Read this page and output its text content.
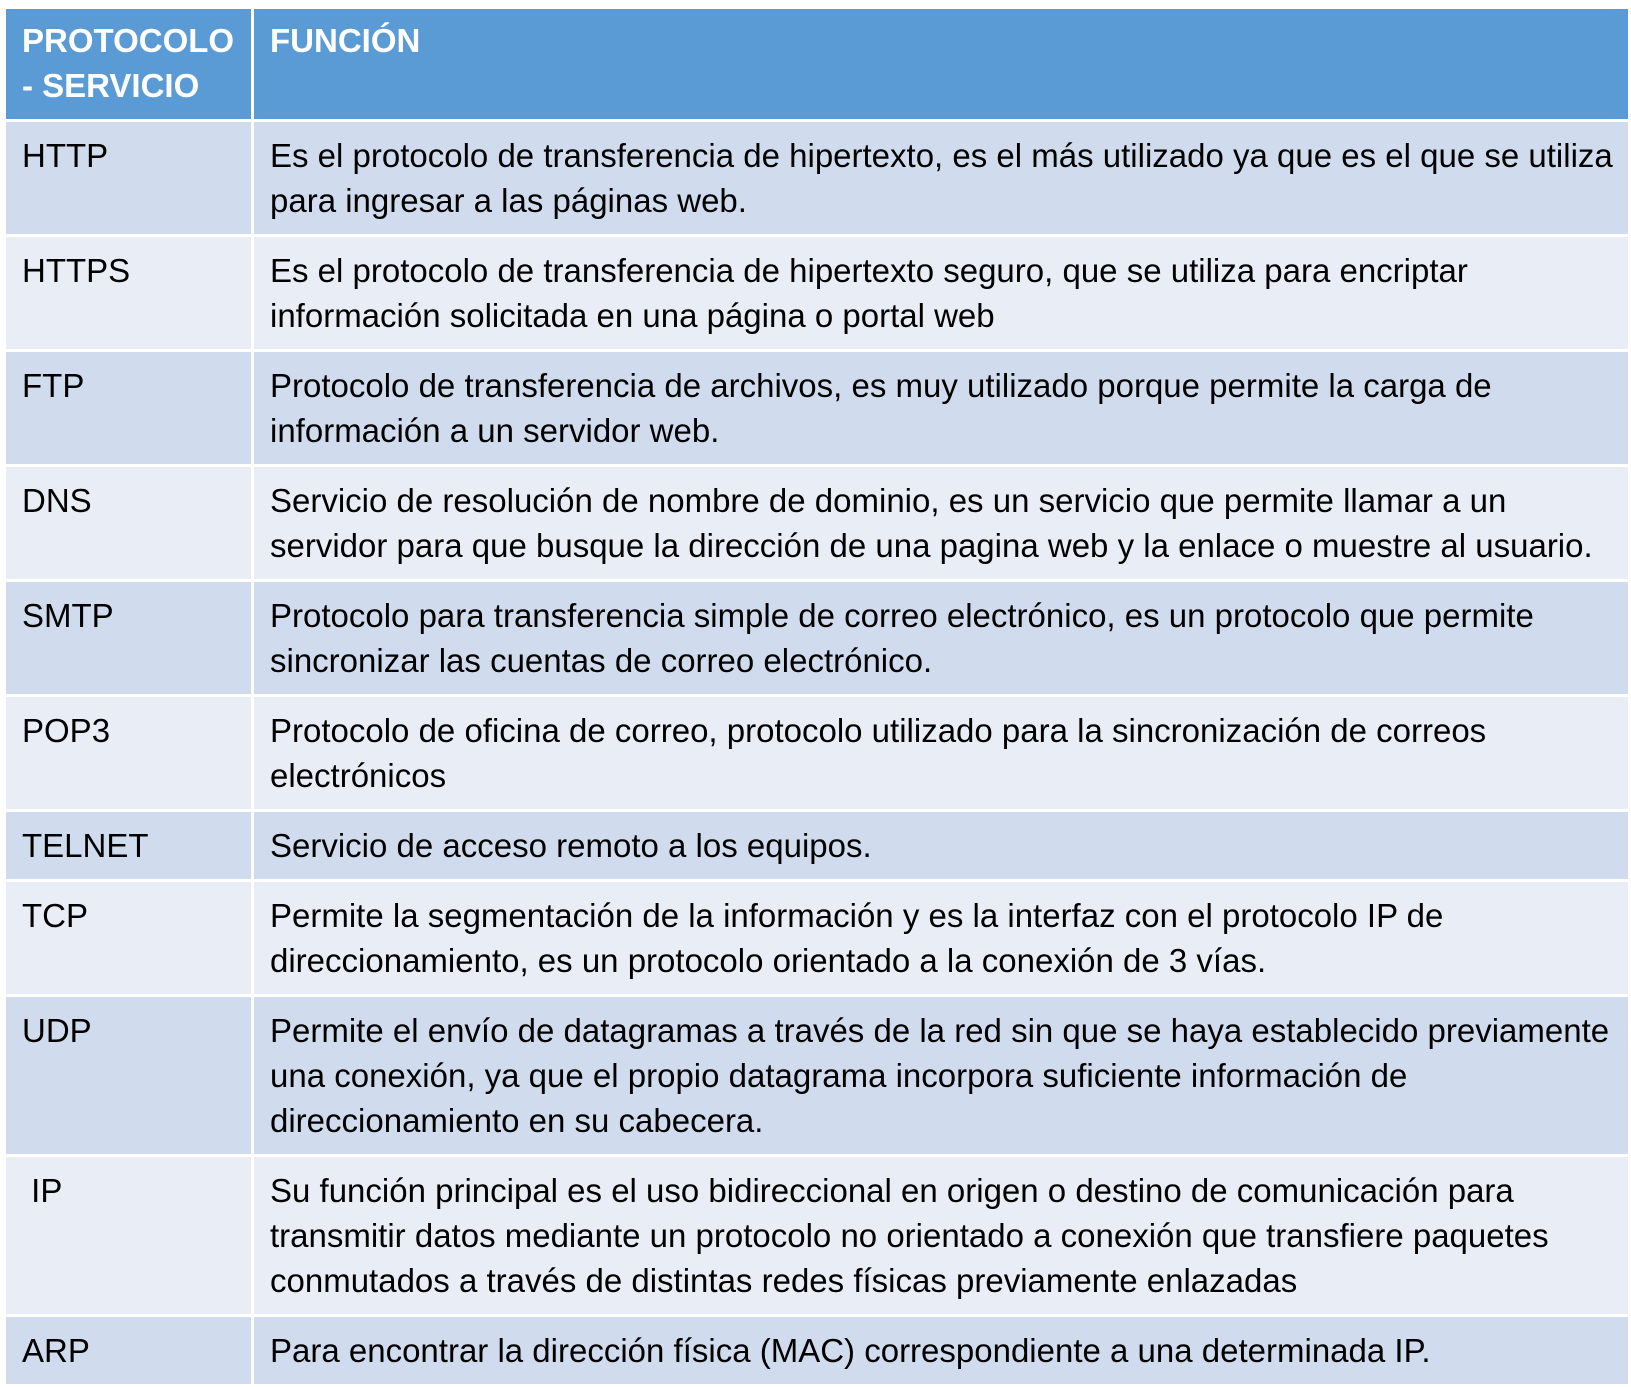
PROTOCOLO - SERVICIO	FUNCIÓN
HTTP	Es el protocolo de transferencia de hipertexto, es el más utilizado ya que es el que se utiliza para ingresar a las páginas web.
HTTPS	Es el protocolo de transferencia de hipertexto seguro, que se utiliza para encriptar información solicitada en una página o portal web
FTP	Protocolo de transferencia de archivos, es muy utilizado porque permite la carga de información a un servidor web.
DNS	Servicio de resolución de nombre de dominio, es un servicio que permite llamar a un servidor para que busque la dirección de una pagina web y la enlace o muestre al usuario.
SMTP	Protocolo para transferencia simple de correo electrónico, es un protocolo que permite sincronizar las cuentas de correo electrónico.
POP3	Protocolo de oficina de correo, protocolo utilizado para la sincronización de correos electrónicos
TELNET	Servicio de acceso remoto a los equipos.
TCP	Permite la segmentación de la información y es la interfaz con el protocolo IP de direccionamiento, es un protocolo orientado a la conexión de 3 vías.
UDP	Permite el envío de datagramas a través de la red sin que se haya establecido previamente una conexión, ya que el propio datagrama incorpora suficiente información de direccionamiento en su cabecera.
IP	Su función principal es el uso bidireccional en origen o destino de comunicación para transmitir datos mediante un protocolo no orientado a conexión que transfiere paquetes conmutados a través de distintas redes físicas previamente enlazadas
ARP	Para encontrar la dirección física (MAC) correspondiente a una determinada IP.
